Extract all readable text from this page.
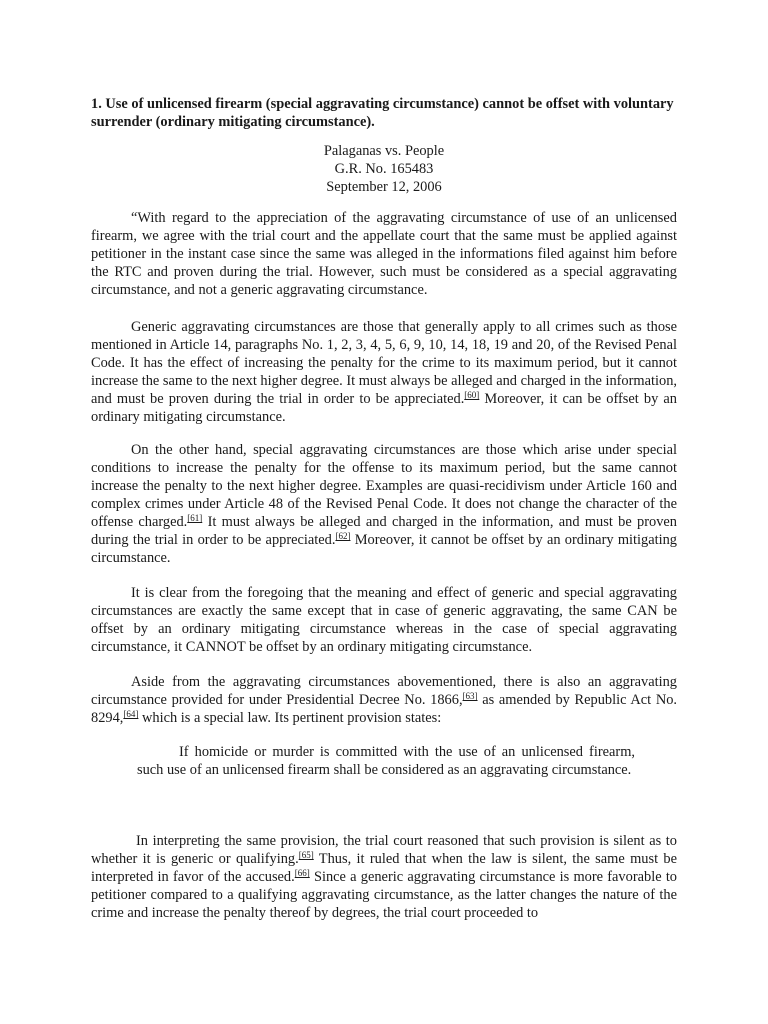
1. Use of unlicensed firearm (special aggravating circumstance) cannot be offset with voluntary surrender (ordinary mitigating circumstance).
Palaganas vs. People
G.R. No. 165483
September 12, 2006

“With regard to the appreciation of the aggravating circumstance of use of an unlicensed firearm, we agree with the trial court and the appellate court that the same must be applied against petitioner in the instant case since the same was alleged in the informations filed against him before the RTC and proven during the trial. However, such must be considered as a special aggravating circumstance, and not a generic aggravating circumstance.

Generic aggravating circumstances are those that generally apply to all crimes such as those mentioned in Article 14, paragraphs No. 1, 2, 3, 4, 5, 6, 9, 10, 14, 18, 19 and 20, of the Revised Penal Code. It has the effect of increasing the penalty for the crime to its maximum period, but it cannot increase the same to the next higher degree. It must always be alleged and charged in the information, and must be proven during the trial in order to be appreciated.[60] Moreover, it can be offset by an ordinary mitigating circumstance.

On the other hand, special aggravating circumstances are those which arise under special conditions to increase the penalty for the offense to its maximum period, but the same cannot increase the penalty to the next higher degree. Examples are quasi-recidivism under Article 160 and complex crimes under Article 48 of the Revised Penal Code. It does not change the character of the offense charged.[61] It must always be alleged and charged in the information, and must be proven during the trial in order to be appreciated.[62] Moreover, it cannot be offset by an ordinary mitigating circumstance.

It is clear from the foregoing that the meaning and effect of generic and special aggravating circumstances are exactly the same except that in case of generic aggravating, the same CAN be offset by an ordinary mitigating circumstance whereas in the case of special aggravating circumstance, it CANNOT be offset by an ordinary mitigating circumstance.

Aside from the aggravating circumstances abovementioned, there is also an aggravating circumstance provided for under Presidential Decree No. 1866,[63] as amended by Republic Act No. 8294,[64] which is a special law. Its pertinent provision states:

If homicide or murder is committed with the use of an unlicensed firearm, such use of an unlicensed firearm shall be considered as an aggravating circumstance.

In interpreting the same provision, the trial court reasoned that such provision is silent as to whether it is generic or qualifying.[65] Thus, it ruled that when the law is silent, the same must be interpreted in favor of the accused.[66] Since a generic aggravating circumstance is more favorable to petitioner compared to a qualifying aggravating circumstance, as the latter changes the nature of the crime and increase the penalty thereof by degrees, the trial court proceeded to
